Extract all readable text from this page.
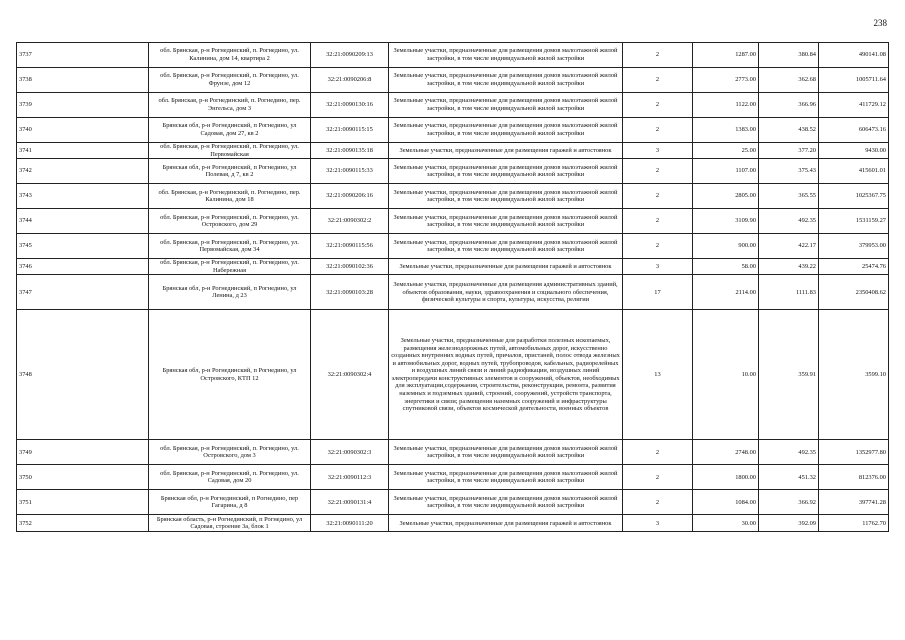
238
3737	обл. Брянская, р-н Рогнединский, п. Рогнедино, ул. Калинина, дом 14, квартира 2	32:21:0090209:13	Земельные участки, предназначенные для размещения домов малоэтажной жилой застройки, в том числе индивидуальной жилой застройки	2	1287.00	380.84	490141.08
3738	обл. Брянская, р-н Рогнединский, п. Рогнедино, ул. Фрунзе, дом 12	32:21:0090206:8	Земельные участки, предназначенные для размещения домов малоэтажной жилой застройки, в том числе индивидуальной жилой застройки	2	2773.00	362.68	1005711.64
3739	обл. Брянская, р-н Рогнединский, п. Рогнедино, пер. Энгельса, дом 3	32:21:0090130:16	Земельные участки, предназначенные для размещения домов малоэтажной жилой застройки, в том числе индивидуальной жилой застройки	2	1122.00	366.96	411729.12
3740	Брянская обл, р-н Рогнединский, п Рогнедино, ул Садовая, дом 27, кв 2	32:21:0090115:15	Земельные участки, предназначенные для размещения домов малоэтажной жилой застройки, в том числе индивидуальной жилой застройки	2	1383.00	438.52	606473.16
3741	обл. Брянская, р-н Рогнединский, п. Рогнедино, ул. Первомайская	32:21:0090135:18	Земельные участки, предназначенные для размещения гаражей и автостоянок	3	25.00	377.20	9430.00
3742	Брянская обл, р-н Рогнединский, п Рогнедино, ул Полевая, д 7, кв 2	32:21:0090115:33	Земельные участки, предназначенные для размещения домов малоэтажной жилой застройки, в том числе индивидуальной жилой застройки	2	1107.00	375.43	415601.01
3743	обл. Брянская, р-н Рогнединский, п. Рогнедино, пер. Калинина, дом 18	32:21:0090206:16	Земельные участки, предназначенные для размещения домов малоэтажной жилой застройки, в том числе индивидуальной жилой застройки	2	2805.00	365.55	1025367.75
3744	обл. Брянская, р-н Рогнединский, п. Рогнедино, ул. Островского, дом 29	32:21:0090302:2	Земельные участки, предназначенные для размещения домов малоэтажной жилой застройки, в том числе индивидуальной жилой застройки	2	3109.90	492.35	1531159.27
3745	обл. Брянская, р-н Рогнединский, п. Рогнедино, ул. Первомайская, дом 34	32:21:0090115:56	Земельные участки, предназначенные для размещения домов малоэтажной жилой застройки, в том числе индивидуальной жилой застройки	2	900.00	422.17	379953.00
3746	обл. Брянская, р-н Рогнединский, п. Рогнедино, ул. Набережная	32:21:0090102:36	Земельные участки, предназначенные для размещения гаражей и автостоянок	3	58.00	439.22	25474.76
3747	Брянская обл, р-н Рогнединский, п Рогнедино, ул Ленина, д 23	32:21:0090103:28	Земельные участки, предназначенные для размещения административных зданий, объектов образования, науки, здравоохранения и социального обеспечения, физической культуры и спорта, культуры, искусства, религии	17	2114.00	1111.83	2350408.62
3748	Брянская обл, р-н Рогнединский, п Рогнедино, ул Островского, КТП 12	32:21:0090302:4	Земельные участки, предназначенные для разработки полезных ископаемых, размещения железнодорожных путей, автомобильных дорог, искусственно созданных внутренних водных путей, причалов, пристаней, полос отвода железных и автомобильных дорог, водных путей, трубопроводов, кабельных, радиорелейных и воздушных линий связи и линий радиофикации, воздушных линий электропередачи конструктивных элементов и сооружений, объектов, необходимых для эксплуатации,содержания, строительства, реконструкции, ремонта, развития наземных и подземных зданий, строений, сооружений, устройств транспорта, энергетики и связи; размещения наземных сооружений и инфраструктуры спутниковой связи, объектов космической деятельности, военных объектов	13	10.00	359.91	3599.10
3749	обл. Брянская, р-н Рогнединский, п. Рогнедино, ул. Островского, дом 3	32:21:0090302:3	Земельные участки, предназначенные для размещения домов малоэтажной жилой застройки, в том числе индивидуальной жилой застройки	2	2748.00	492.35	1352977.80
3750	обл. Брянская, р-н Рогнединский, п. Рогнедино, ул. Садовая, дом 20	32:21:0090112:3	Земельные участки, предназначенные для размещения домов малоэтажной жилой застройки, в том числе индивидуальной жилой застройки	2	1800.00	451.32	812376.00
3751	Брянская обл, р-н Рогнединский, п Рогнедино, пер Гагарина, д 8	32:21:0090131:4	Земельные участки, предназначенные для размещения домов малоэтажной жилой застройки, в том числе индивидуальной жилой застройки	2	1084.00	366.92	397741.28
3752	Брянская область, р-н Рогнединский, п Рогнедино, ул Садовая, строение 3а, блок 1	32:21:0090111:20	Земельные участки, предназначенные для размещения гаражей и автостоянок	3	30.00	392.09	11762.70
